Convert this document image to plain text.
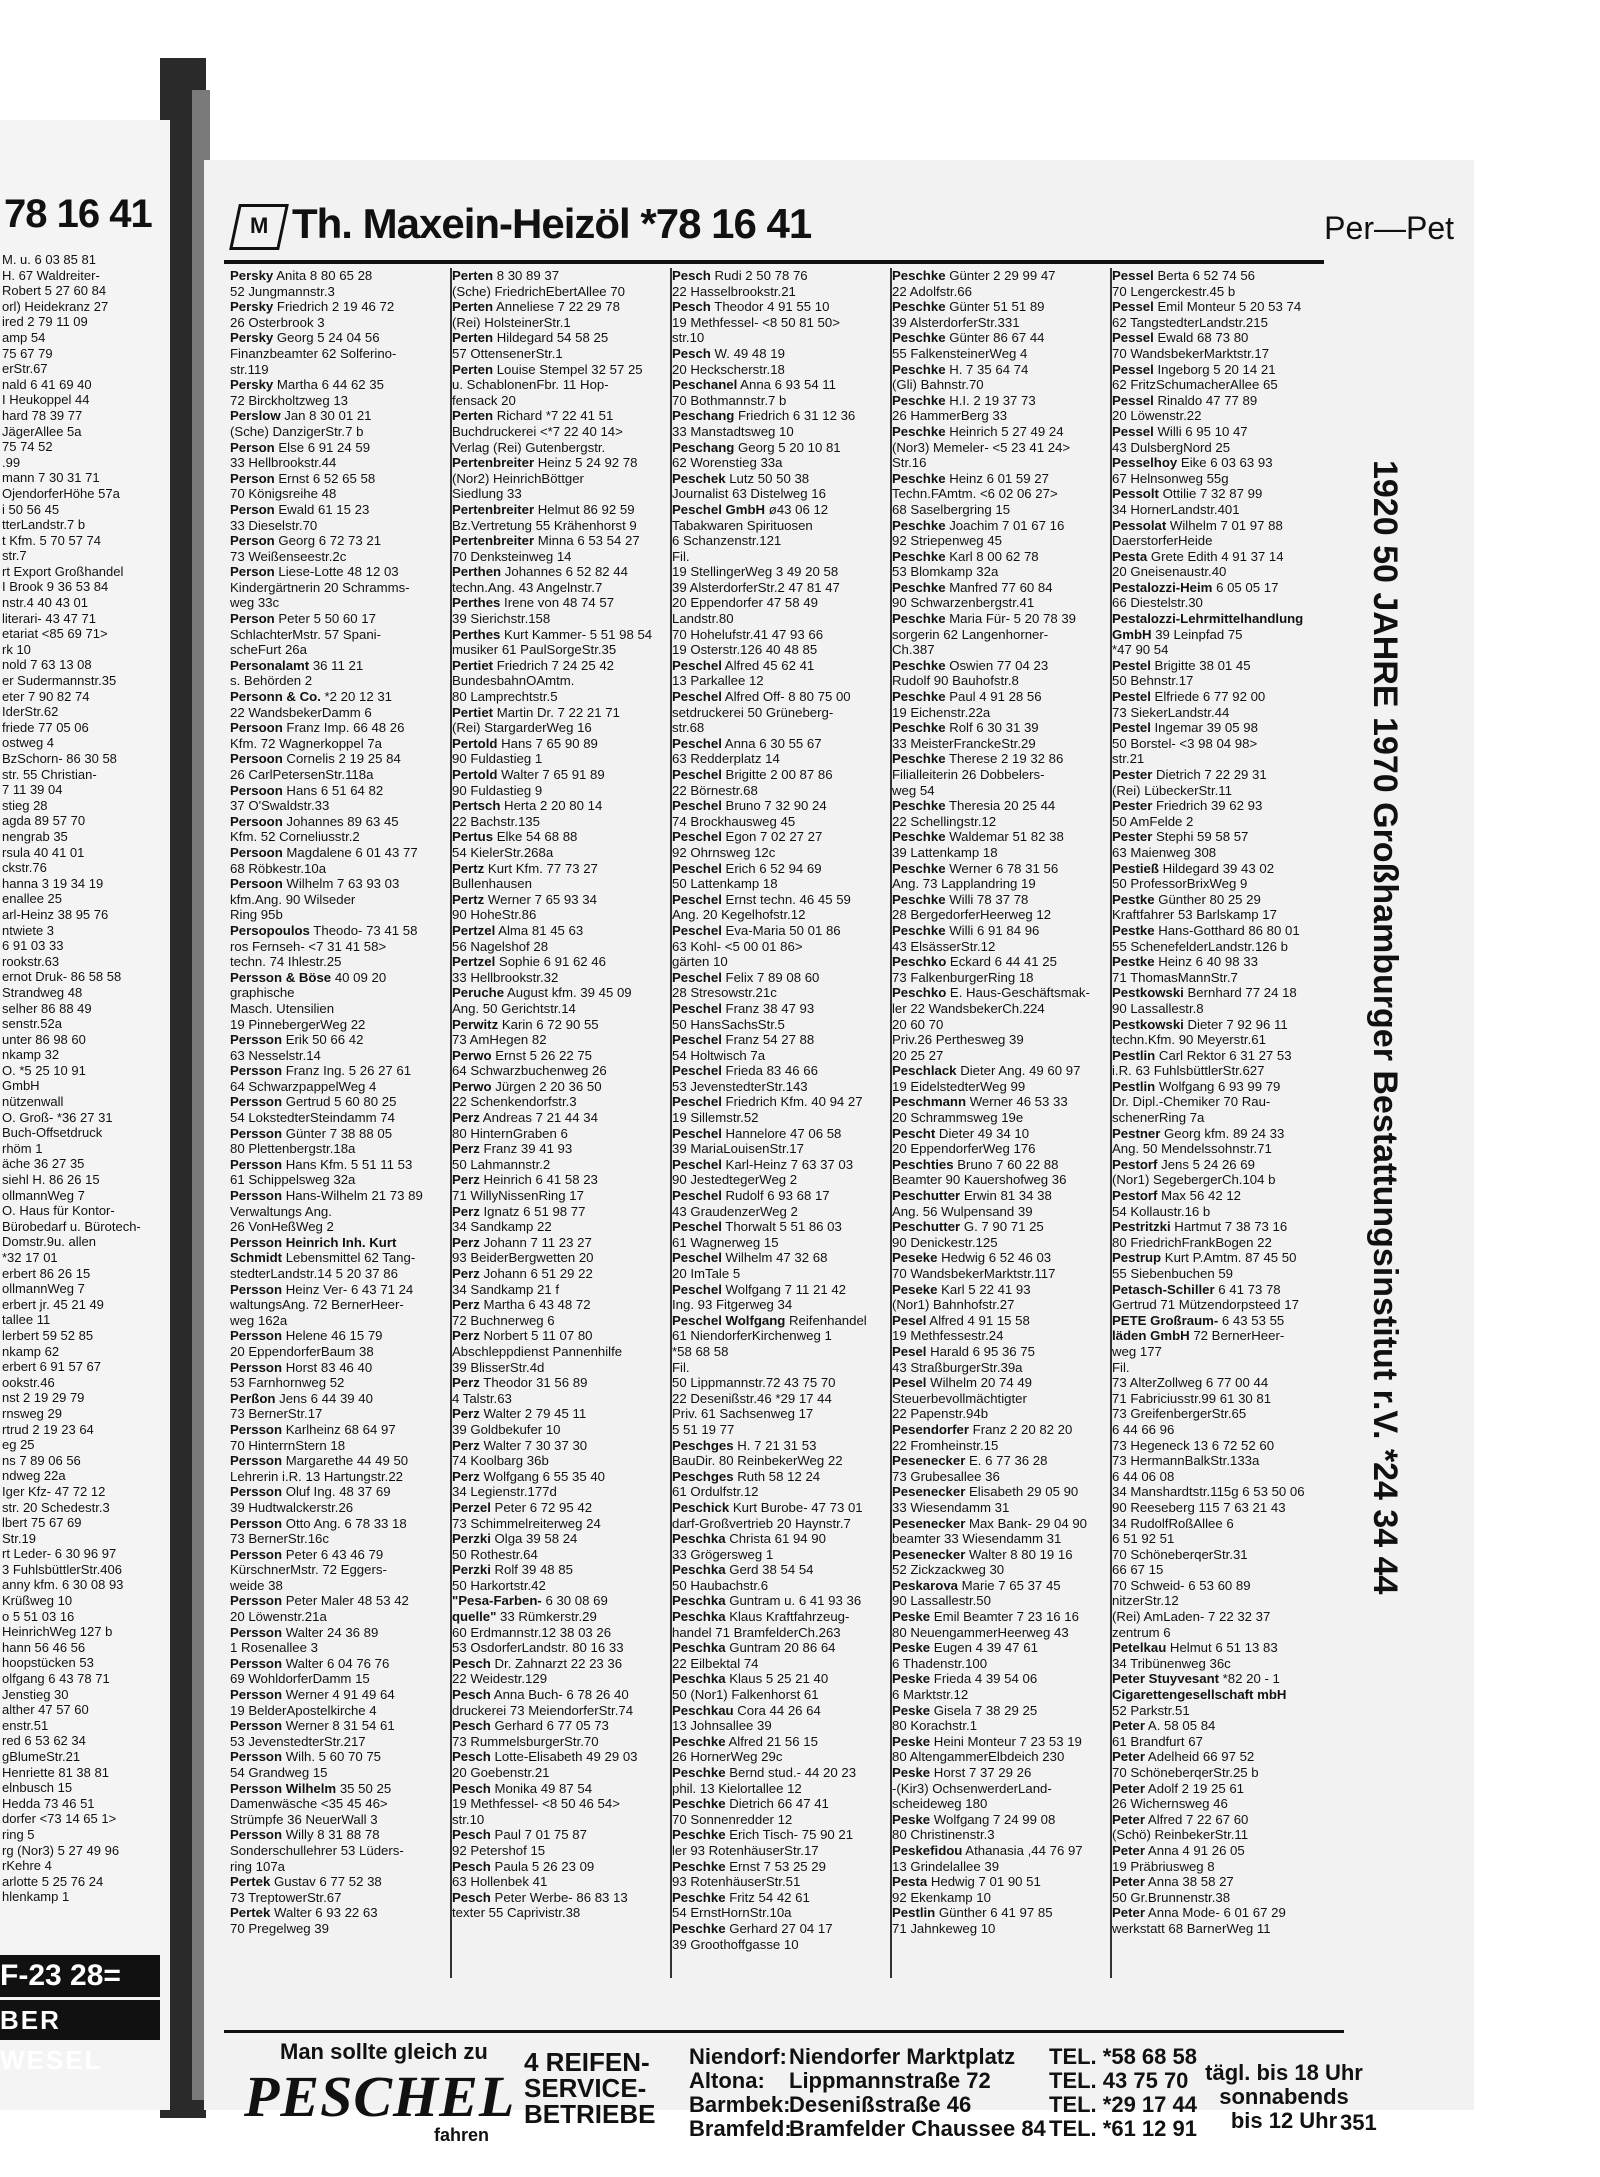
78 16 41
M. u. 6 03 85 81
H. 67 Waldreiter-
Robert 5 27 60 84
orl) Heidekranz 27
ired 2 79 11 09
amp 54
75 67 79
erStr.67
nald 6 41 69 40
I Heukoppel 44
hard 78 39 77
JägerAllee 5a
75 74 52
.99
mann 7 30 31 71
OjendorferHöhe 57a
i 50 56 45
tterLandstr.7 b
t Kfm. 5 70 57 74
str.7
rt Export Großhandel
I Brook 9 36 53 84
nstr.4 40 43 01
literari- 43 47 71
etariat <85 69 71>
rk 10
nold 7 63 13 08
er Sudermannstr.35
eter 7 90 82 74
IderStr.62
friede 77 05 06
ostweg 4
BzSchorn- 86 30 58
str. 55 Christian-
7 11 39 04
stieg 28
agda 89 57 70
nengrab 35
rsula 40 41 01
ckstr.76
hanna 3 19 34 19
enallee 25
arl-Heinz 38 95 76
ntwiete 3
6 91 03 33
rookstr.63
ernot Druk- 86 58 58
Strandweg 48
selher 86 88 49
senstr.52a
unter 86 98 60
nkamp 32
O. *5 25 10 91
GmbH
nützenwall
O. Groß- *36 27 31
Buch-Offsetdruck
rhöm 1
äche 36 27 35
siehl H. 86 26 15
ollmannWeg 7
O. Haus für Kontor-
Bürobedarf u. Bürotech-
Domstr.9u. allen
*32 17 01
erbert 86 26 15
ollmannWeg 7
erbert jr. 45 21 49
tallee 11
lerbert 59 52 85
nkamp 62
erbert 6 91 57 67
ookstr.46
nst 2 19 29 79
rnsweg 29
rtrud 2 19 23 64
eg 25
ns 7 89 06 56
ndweg 22a
Iger Kfz- 47 72 12
str. 20 Schedestr.3
lbert 75 67 69
Str.19
rt Leder- 6 30 96 97
3 FuhlsbüttlerStr.406
anny kfm. 6 30 08 93
Krüßweg 10
o 5 51 03 16
HeinrichWeg 127 b
hann 56 46 56
hoopstücken 53
olfgang 6 43 78 71
Jenstieg 30
alther 47 57 60
enstr.51
red 6 53 62 34
gBlumeStr.21
Henriette 81 38 81
elnbusch 15
Hedda 73 46 51
dorfer <73 14 65 1>
ring 5
rg (Nor3) 5 27 49 96
rKehre 4
arlotte 5 25 76 24
hlenkamp 1
F-23 28=
BER WESEL
M Th. Maxein-Heizöl *78 16 41	Per—Pet
Persky Anita 8 80 65 28
52 Jungmannstr.3
Persky Friedrich 2 19 46 72
26 Osterbrook 3
Persky Georg 5 24 04 56
Finanzbeamter 62 Solferino-
str.119
Persky Martha 6 44 62 35
72 Birckholtzweg 13
Perslow Jan 8 30 01 21
(Sche) DanzigerStr.7 b
Person Else 6 91 24 59
33 Hellbrookstr.44
Person Ernst 6 52 65 58
70 Königsreihe 48
Person Ewald 61 15 23
33 Dieselstr.70
Person Georg 6 72 73 21
73 Weißenseestr.2c
Person Liese-Lotte 48 12 03
Kindergärtnerin 20 Schramms-
weg 33c
Person Peter 5 50 60 17
SchlachterMstr. 57 Spani-
scheFurt 26a
Personalamt 36 11 21
s. Behörden 2
Personn & Co. *2 20 12 31
22 WandsbekerDamm 6
Persoon Franz Imp. 66 48 26
Kfm. 72 Wagnerkoppel 7a
Persoon Cornelis 2 19 25 84
26 CarlPetersenStr.118a
Persoon Hans 6 51 64 82
37 O'Swaldstr.33
Persoon Johannes 89 63 45
Kfm. 52 Corneliusstr.2
Persoon Magdalene 6 01 43 77
68 Röbkestr.10a
Persoon Wilhelm 7 63 93 03
kfm.Ang. 90 Wilseder
Ring 95b
Persopoulos Theodo- 73 41 58
ros Fernseh- <7 31 41 58>
techn. 74 Ihlestr.25
Persson & Böse 40 09 20
graphische
Masch. Utensilien
19 PinnebergerWeg 22
Persson Erik 50 66 42
63 Nesselstr.14
Persson Franz Ing. 5 26 27 61
64 SchwarzpappelWeg 4
Persson Gertrud 5 60 80 25
54 LokstedterSteindamm 74
Persson Günter 7 38 88 05
80 Plettenbergstr.18a
Persson Hans Kfm. 5 51 11 53
61 Schippelsweg 32a
Persson Hans-Wilhelm 21 73 89
Verwaltungs Ang.
26 VonHeßWeg 2
Persson Heinrich Inh. Kurt
Schmidt Lebensmittel 62 Tang-
stedterLandstr.14 5 20 37 86
Persson Heinz Ver- 6 43 71 24
waltungsAng. 72 BernerHeer-
weg 162a
Persson Helene 46 15 79
20 EppendorferBaum 38
Persson Horst 83 46 40
53 Farnhornweg 52
Perßon Jens 6 44 39 40
73 BernerStr.17
Persson Karlheinz 68 64 97
70 HinterrnStern 18
Persson Margarethe 44 49 50
Lehrerin i.R. 13 Hartungstr.22
Persson Oluf Ing. 48 37 69
39 Hudtwalckerstr.26
Persson Otto Ang. 6 78 33 18
73 BernerStr.16c
Persson Peter 6 43 46 79
KürschnerMstr. 72 Eggers-
weide 38
Persson Peter Maler 48 53 42
20 Löwenstr.21a
Persson Walter 24 36 89
1 Rosenallee 3
Persson Walter 6 04 76 76
69 WohldorferDamm 15
Persson Werner 4 91 49 64
19 BelderApostelkirche 4
Persson Werner 8 31 54 61
53 JevenstedterStr.217
Persson Wilh. 5 60 70 75
54 Grandweg 15
Persson Wilhelm 35 50 25
Damenwäsche <35 45 46>
Strümpfe 36 NeuerWall 3
Persson Willy 8 31 88 78
Sonderschullehrer 53 Lüders-
ring 107a
Pertek Gustav 6 77 52 38
73 TreptowerStr.67
Pertek Walter 6 93 22 63
70 Pregelweg 39
Perten 8 30 89 37
(Sche) FriedrichEbertAllee 70
Perten Anneliese 7 22 29 78
(Rei) HolsteinerStr.1
Perten Hildegard 54 58 25
57 OttensenerStr.1
Perten Louise Stempel 32 57 25
u. SchablonenFbr. 11 Hop-
fensack 20
Perten Richard *7 22 41 51
Buchdruckerei <*7 22 40 14>
Verlag (Rei) Gutenbergstr.
Pertenbreiter Heinz 5 24 92 78
(Nor2) HeinrichBöttger
Siedlung 33
Pertenbreiter Helmut 86 92 59
Bz.Vertretung 55 Krähenhorst 9
Pertenbreiter Minna 6 53 54 27
70 Denksteinweg 14
Perthen Johannes 6 52 82 44
techn.Ang. 43 Angelnstr.7
Perthes Irene von 48 74 57
39 Sierichstr.158
Perthes Kurt Kammer- 5 51 98 54
musiker 61 PaulSorgeStr.35
Pertiet Friedrich 7 24 25 42
BundesbahnOAmtm.
80 Lamprechtstr.5
Pertiet Martin Dr. 7 22 21 71
(Rei) StargarderWeg 16
Pertold Hans 7 65 90 89
90 Fuldastieg 1
Pertold Walter 7 65 91 89
90 Fuldastieg 9
Pertsch Herta 2 20 80 14
22 Bachstr.135
Pertus Elke 54 68 88
54 KielerStr.268a
Pertz Kurt Kfm. 77 73 27
Bullenhausen
Pertz Werner 7 65 93 34
90 HoheStr.86
Pertzel Alma 81 45 63
56 Nagelshof 28
Pertzel Sophie 6 91 62 46
33 Hellbrookstr.32
Peruche August kfm. 39 45 09
Ang. 50 Gerichtstr.14
Perwitz Karin 6 72 90 55
73 AmHegen 82
Perwo Ernst 5 26 22 75
64 Schwarzbuchenweg 26
Perwo Jürgen 2 20 36 50
22 Schenkendorfstr.3
Perz Andreas 7 21 44 34
80 HinternGraben 6
Perz Franz 39 41 93
50 Lahmannstr.2
Perz Heinrich 6 41 58 23
71 WillyNissenRing 17
Perz Ignatz 6 51 98 77
34 Sandkamp 22
Perz Johann 7 11 23 27
93 BeiderBergwetten 20
Perz Johann 6 51 29 22
34 Sandkamp 21 f
Perz Martha 6 43 48 72
72 Buchnerweg 6
Perz Norbert 5 11 07 80
Abschleppdienst Pannenhilfe
39 BlisserStr.4d
Perz Theodor 31 56 89
4 Talstr.63
Perz Walter 2 79 45 11
39 Goldbekufer 10
Perz Walter 7 30 37 30
74 Koolbarg 36b
Perz Wolfgang 6 55 35 40
34 Legienstr.177d
Perzel Peter 6 72 95 42
73 Schimmelreiterweg 24
Perzki Olga 39 58 24
50 Rothestr.64
Perzki Rolf 39 48 85
50 Harkortstr.42
"Pesa-Farben- 6 30 08 69
quelle" 33 Rümkerstr.29
60 Erdmannstr.12 38 03 26
53 OsdorferLandstr. 80 16 33
Pesch Dr. Zahnarzt 22 23 36
22 Weidestr.129
Pesch Anna Buch- 6 78 26 40
druckerei 73 MeiendorferStr.74
Pesch Gerhard 6 77 05 73
73 RummelsburgerStr.70
Pesch Lotte-Elisabeth 49 29 03
20 Goebenstr.21
Pesch Monika 49 87 54
19 Methfessel- <8 50 46 54>
str.10
Pesch Paul 7 01 75 87
92 Petershof 15
Pesch Paula 5 26 23 09
63 Hollenbek 41
Pesch Peter Werbe- 86 83 13
texter 55 Caprivistr.38
Pesch Rudi 2 50 78 76
22 Hasselbrookstr.21
Pesch Theodor 4 91 55 10
19 Methfessel- <8 50 81 50>
str.10
Pesch W. 49 48 19
20 Heckscherstr.18
Peschanel Anna 6 93 54 11
70 Bothmannstr.7 b
Peschang Friedrich 6 31 12 36
33 Manstadtsweg 10
Peschang Georg 5 20 10 81
62 Worenstieg 33a
Peschek Lutz 50 50 38
Journalist 63 Distelweg 16
Peschel GmbH ø43 06 12
Tabakwaren Spirituosen
6 Schanzenstr.121
Fil.
19 StellingerWeg 3 49 20 58
39 AlsterdorferStr.2 47 81 47
20 Eppendorfer 47 58 49
Landstr.80
70 Hohelufstr.41 47 93 66
19 Osterstr.126 40 48 85
Peschel Alfred 45 62 41
13 Parkallee 12
Peschel Alfred Off- 8 80 75 00
setdruckerei 50 Grüneberg-
str.68
Peschel Anna 6 30 55 67
63 Redderplatz 14
Peschel Brigitte 2 00 87 86
22 Börnestr.68
Peschel Bruno 7 32 90 24
74 Brockhausweg 45
Peschel Egon 7 02 27 27
92 Ohrnsweg 12c
Peschel Erich 6 52 94 69
50 Lattenkamp 18
Peschel Ernst techn. 46 45 59
Ang. 20 Kegelhofstr.12
Peschel Eva-Maria 50 01 86
63 Kohl- <5 00 01 86>
gärten 10
Peschel Felix 7 89 08 60
28 Stresowstr.21c
Peschel Franz 38 47 93
50 HansSachsStr.5
Peschel Franz 54 27 88
54 Holtwisch 7a
Peschel Frieda 83 46 66
53 JevenstedterStr.143
Peschel Friedrich Kfm. 40 94 27
19 Sillemstr.52
Peschel Hannelore 47 06 58
39 MariaLouisenStr.17
Peschel Karl-Heinz 7 63 37 03
90 JestedtegerWeg 2
Peschel Rudolf 6 93 68 17
43 GraudenzerWeg 2
Peschel Thorwalt 5 51 86 03
61 Wagnerweg 15
Peschel Wilhelm 47 32 68
20 ImTale 5
Peschel Wolfgang 7 11 21 42
Ing. 93 Fitgerweg 34
Peschel Wolfgang Reifenhandel
61 NiendorferKirchenweg 1
*58 68 58
Fil.
50 Lippmannstr.72 43 75 70
22 Desenißstr.46 *29 17 44
Priv. 61 Sachsenweg 17
5 51 19 77
Peschges H. 7 21 31 53
BauDir. 80 ReinbekerWeg 22
Peschges Ruth 58 12 24
61 Ordulfstr.12
Peschick Kurt Burobe- 47 73 01
darf-Großvertrieb 20 Haynstr.7
Peschka Christa 61 94 90
33 Grögersweg 1
Peschka Gerd 38 54 54
50 Haubachstr.6
Peschka Guntram u. 6 41 93 36
Peschka Klaus Kraftfahrzeug-
handel 71 BramfelderCh.263
Peschka Guntram 20 86 64
22 Eilbektal 74
Peschka Klaus 5 25 21 40
50 (Nor1) Falkenhorst 61
Peschkau Cora 44 26 64
13 Johnsallee 39
Peschke Alfred 21 56 15
26 HornerWeg 29c
Peschke Bernd stud.- 44 20 23
phil. 13 Kielortallee 12
Peschke Dietrich 66 47 41
70 Sonnenredder 12
Peschke Erich Tisch- 75 90 21
ler 93 RotenhäuserStr.17
Peschke Ernst 7 53 25 29
93 RotenhäuserStr.51
Peschke Fritz 54 42 61
54 ErnstHornStr.10a
Peschke Gerhard 27 04 17
39 Groothoffgasse 10
Peschke Günter 2 29 99 47
22 Adolfstr.66
Peschke Günter 51 51 89
39 AlsterdorferStr.331
Peschke Günter 86 67 44
55 FalkensteinerWeg 4
Peschke H. 7 35 64 74
(Gli) Bahnstr.70
Peschke H.I. 2 19 37 73
26 HammerBerg 33
Peschke Heinrich 5 27 49 24
(Nor3) Memeler- <5 23 41 24>
Str.16
Peschke Heinz 6 01 59 27
Techn.FAmtm. <6 02 06 27>
68 Saselbergring 15
Peschke Joachim 7 01 67 16
92 Striepenweg 45
Peschke Karl 8 00 62 78
53 Blomkamp 32a
Peschke Manfred 77 60 84
90 Schwarzenbergstr.41
Peschke Maria Für- 5 20 78 39
sorgerin 62 Langenhorner-
Ch.387
Peschke Oswien 77 04 23
Rudolf 90 Bauhofstr.8
Peschke Paul 4 91 28 56
19 Eichenstr.22a
Peschke Rolf 6 30 31 39
33 MeisterFranckeStr.29
Peschke Therese 2 19 32 86
Filialleiterin 26 Dobbelers-
weg 54
Peschke Theresia 20 25 44
22 Schellingstr.12
Peschke Waldemar 51 82 38
39 Lattenkamp 18
Peschke Werner 6 78 31 56
Ang. 73 Lapplandring 19
Peschke Willi 78 37 78
28 BergedorferHeerweg 12
Peschke Willi 6 91 84 96
43 ElsässerStr.12
Peschko Eckard 6 44 41 25
73 FalkenburgerRing 18
Peschko E. Haus-Geschäftsmak-
ler 22 WandsbekerCh.224
20 60 70
Priv.26 Perthesweg 39
20 25 27
Peschlack Dieter Ang. 49 60 97
19 EidelstedterWeg 99
Peschmann Werner 46 53 33
20 Schrammsweg 19e
Pescht Dieter 49 34 10
20 EppendorferWeg 176
Peschties Bruno 7 60 22 88
Beamter 90 Kauershofweg 36
Peschutter Erwin 81 34 38
Ang. 56 Wulpensand 39
Peschutter G. 7 90 71 25
90 Denickestr.125
Peseke Hedwig 6 52 46 03
70 WandsbekerMarktstr.117
Peseke Karl 5 22 41 93
(Nor1) Bahnhofstr.27
Pesel Alfred 4 91 15 58
19 Methfessestr.24
Pesel Harald 6 95 36 75
43 StraßburgerStr.39a
Pesel Wilhelm 20 74 49
Steuerbevollmächtigter
22 Papenstr.94b
Pesendorfer Franz 2 20 82 20
22 Fromheinstr.15
Pesenecker E. 6 77 36 28
73 Grubesallee 36
Pesenecker Elisabeth 29 05 90
33 Wiesendamm 31
Pesenecker Max Bank- 29 04 90
beamter 33 Wiesendamm 31
Pesenecker Walter 8 80 19 16
52 Zickzackweg 30
Peskarova Marie 7 65 37 45
90 Lassallestr.50
Peske Emil Beamter 7 23 16 16
80 NeuengammerHeerweg 43
Peske Eugen 4 39 47 61
6 Thadenstr.100
Peske Frieda 4 39 54 06
6 Marktstr.12
Peske Gisela 7 38 29 25
80 Korachstr.1
Peske Heini Monteur 7 23 53 19
80 AltengammerElbdeich 230
Peske Horst 7 37 29 26
-(Kir3) OchsenwerderLand-
scheideweg 180
Peske Wolfgang 7 24 99 08
80 Christinenstr.3
Peskefidou Athanasia ,44 76 97
13 Grindelallee 39
Pesta Hedwig 7 01 90 51
92 Ekenkamp 10
Pestlin Günther 6 41 97 85
71 Jahnkeweg 10
Pessel Berta 6 52 74 56
70 Lengerckestr.45 b
Pessel Emil Monteur 5 20 53 74
62 TangstedterLandstr.215
Pessel Ewald 68 73 80
70 WandsbekerMarktstr.17
Pessel Ingeborg 5 20 14 21
62 FritzSchumacherAllee 65
Pessel Rinaldo 47 77 89
20 Löwenstr.22
Pessel Willi 6 95 10 47
43 DulsbergNord 25
Pesselhoy Eike 6 03 63 93
67 Helnsonweg 55g
Pessolt Ottilie 7 32 87 99
34 HornerLandstr.401
Pessolat Wilhelm 7 01 97 88
DaerstorferHeide
Pesta Grete Edith 4 91 37 14
20 Gneisenaustr.40
Pestalozzi-Heim 6 05 05 17
66 Diestelstr.30
Pestalozzi-Lehrmittelhandlung
GmbH 39 Leinpfad 75
*47 90 54
Pestel Brigitte 38 01 45
50 Behnstr.17
Pestel Elfriede 6 77 92 00
73 SiekerLandstr.44
Pestel Ingemar 39 05 98
50 Borstel- <3 98 04 98>
str.21
Pester Dietrich 7 22 29 31
(Rei) LübeckerStr.11
Pester Friedrich 39 62 93
50 AmFelde 2
Pester Stephi 59 58 57
63 Maienweg 308
Pestieß Hildegard 39 43 02
50 ProfessorBrixWeg 9
Pestke Günther 80 25 29
Kraftfahrer 53 Barlskamp 17
Pestke Hans-Gotthard 86 80 01
55 SchenefelderLandstr.126 b
Pestke Heinz 6 40 98 33
71 ThomasMannStr.7
Pestkowski Bernhard 77 24 18
90 Lassallestr.8
Pestkowski Dieter 7 92 96 11
techn.Kfm. 90 Meyerstr.61
Pestlin Carl Rektor 6 31 27 53
i.R. 63 FuhlsbüttlerStr.627
Pestlin Wolfgang 6 93 99 79
Dr. Dipl.-Chemiker 70 Rau-
schenerRing 7a
Pestner Georg kfm. 89 24 33
Ang. 50 Mendelssohnstr.71
Pestorf Jens 5 24 26 69
(Nor1) SegebergerCh.104 b
Pestorf Max 56 42 12
54 Kollaustr.16 b
Pestritzki Hartmut 7 38 73 16
80 FriedrichFrankBogen 22
Pestrup Kurt P.Amtm. 87 45 50
55 Siebenbuchen 59
Petasch-Schiller 6 41 73 78
Gertrud 71 Mützendorpsteed 17
PETE Großraum- 6 43 53 55
läden GmbH 72 BernerHeer-
weg 177
Fil.
73 AlterZollweg 6 77 00 44
71 Fabriciusstr.99 61 30 81
73 GreifenbergerStr.65
6 44 66 96
73 Hegeneck 13 6 72 52 60
73 HermannBalkStr.133a
6 44 06 08
34 Manshardtstr.115g 6 53 50 06
90 Reeseberg 115 7 63 21 43
34 RudolfRoßAllee 6
6 51 92 51
70 SchöneberqerStr.31
66 67 15
70 Schweid- 6 53 60 89
nitzerStr.12
(Rei) AmLaden- 7 22 32 37
zentrum 6
Petelkau Helmut 6 51 13 83
34 Tribünenweg 36c
Peter Stuyvesant *82 20 - 1
Cigarettengesellschaft mbH
52 Parkstr.51
Peter A. 58 05 84
61 Brandfurt 67
Peter Adelheid 66 97 52
70 SchöneberqerStr.25 b
Peter Adolf 2 19 25 61
26 Wichernsweg 46
Peter Alfred 7 22 67 60
(Schö) ReinbekerStr.11
Peter Anna 4 91 26 05
19 Präbriusweg 8
Peter Anna 38 58 27
50 Gr.Brunnenstr.38
Peter Anna Mode- 6 01 67 29
werkstatt 68 BarnerWeg 11
1920 50 JAHRE 1970 Großhamburger Bestattungsinstitut r.V. *24 34 44
Man sollte gleich zu
PESCHEL
fahren
4 REIFEN-
SERVICE-
BETRIEBE
Niendorf: Niendorfer Marktplatz TEL. *58 68 58
Altona: Lippmannstraße 72	TEL. 43 75 70
Barmbek:Desenißstraße 46	TEL. *29 17 44
Bramfeld:Bramfelder Chaussee 84 TEL. *61 12 91
tägl. bis 18 Uhr
sonnabends
bis 12 Uhr 351
